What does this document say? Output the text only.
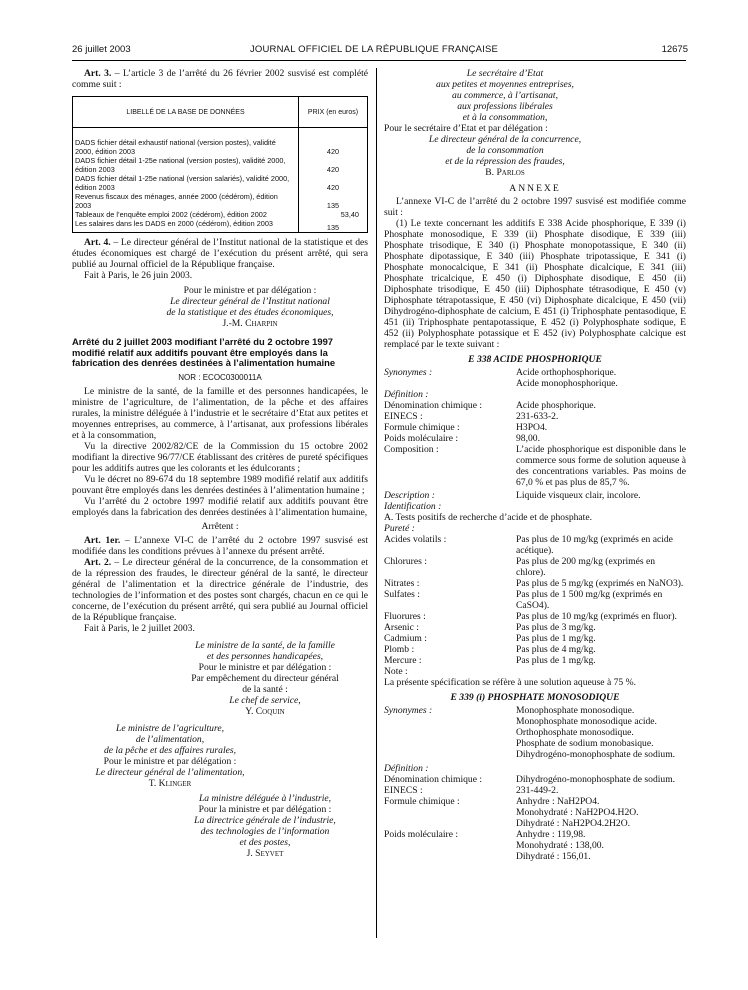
26 juillet 2003	JOURNAL OFFICIEL DE LA RÉPUBLIQUE FRANÇAISE	12675

Art. 3. – L’article 3 de l’arrêté du 26 février 2002 susvisé est complété comme suit :

LIBELLÉ DE LA BASE DE DONNÉES	PRIX (en euros)
DADS fichier détail exhaustif national (version postes), validité 2000, édition 2003	420
DADS fichier détail 1-25e national (version postes), validité 2000, édition 2003	420
DADS fichier détail 1-25e national (version salariés), validité 2000, édition 2003	420
Revenus fiscaux des ménages, année 2000 (cédérom), édition 2003	135
Tableaux de l’enquête emploi 2002 (cédérom), édition 2002	53,40
Les salaires dans les DADS en 2000 (cédérom), édition 2003	135

Art. 4. – Le directeur général de l’Institut national de la statistique et des études économiques est chargé de l’exécution du présent arrêté, qui sera publié au Journal officiel de la République française.

Fait à Paris, le 26 juin 2003.

Pour le ministre et par délégation :

Le directeur général de l’Institut national

de la statistique et des études économiques,

J.-M. Charpin

Arrêté du 2 juillet 2003 modifiant l’arrêté du 2 octobre 1997 modifié relatif aux additifs pouvant être employés dans la fabrication des denrées destinées à l’alimentation humaine

NOR : ECOC0300011A

Le ministre de la santé, de la famille et des personnes handicapées, le ministre de l’agriculture, de l’alimentation, de la pêche et des affaires rurales, la ministre déléguée à l’industrie et le secrétaire d’Etat aux petites et moyennes entreprises, au commerce, à l’artisanat, aux professions libérales et à la consommation,

Vu la directive 2002/82/CE de la Commission du 15 octobre 2002 modifiant la directive 96/77/CE établissant des critères de pureté spécifiques pour les additifs autres que les colorants et les édulcorants ;

Vu le décret no 89-674 du 18 septembre 1989 modifié relatif aux additifs pouvant être employés dans les denrées destinées à l’alimentation humaine ;

Vu l’arrêté du 2 octobre 1997 modifié relatif aux additifs pouvant être employés dans la fabrication des denrées destinées à l’alimentation humaine,

Arrêtent :

Art. 1er. – L’annexe VI-C de l’arrêté du 2 octobre 1997 susvisé est modifiée dans les conditions prévues à l’annexe du présent arrêté.

Art. 2. – Le directeur général de la concurrence, de la consommation et de la répression des fraudes, le directeur général de la santé, le directeur général de l’alimentation et la directrice générale de l’industrie, des technologies de l’information et des postes sont chargés, chacun en ce qui le concerne, de l’exécution du présent arrêté, qui sera publié au Journal officiel de la République française.

Fait à Paris, le 2 juillet 2003.

Le ministre de la santé, de la famille

et des personnes handicapées,

Pour le ministre et par délégation :

Par empêchement du directeur général

de la santé :

Le chef de service,

Y. Coquin

Le ministre de l’agriculture,

de l’alimentation,

de la pêche et des affaires rurales,

Pour le ministre et par délégation :

Le directeur général de l’alimentation,

T. Klinger

La ministre déléguée à l’industrie,

Pour la ministre et par délégation :

La directrice générale de l’industrie,

des technologies de l’information

et des postes,

J. Seyvet

Le secrétaire d’Etat

aux petites et moyennes entreprises,

au commerce, à l’artisanat,

aux professions libérales

et à la consommation,

Pour le secrétaire d’Etat et par délégation :

Le directeur général de la concurrence,

de la consommation

et de la répression des fraudes,

B. Parlos

ANNEXE

L’annexe VI-C de l’arrêté du 2 octobre 1997 susvisé est modifiée comme suit :

(1) Le texte concernant les additifs E 338 Acide phosphorique, E 339 (i) Phosphate monosodique, E 339 (ii) Phosphate disodique, E 339 (iii) Phosphate trisodique, E 340 (i) Phosphate monopotassique, E 340 (ii) Phosphate dipotassique, E 340 (iii) Phosphate tripotassique, E 341 (i) Phosphate monocalcique, E 341 (ii) Phosphate dicalcique, E 341 (iii) Phosphate tricalcique, E 450 (i) Diphosphate disodique, E 450 (ii) Diphosphate trisodique, E 450 (iii) Diphosphate tétrasodique, E 450 (v) Diphosphate tétrapotassique, E 450 (vi) Diphosphate dicalcique, E 450 (vii) Dihydrogéno-diphosphate de calcium, E 451 (i) Triphosphate pentasodique, E 451 (ii) Triphosphate pentapotassique, E 452 (i) Polyphosphate sodique, E 452 (ii) Polyphosphate potassique et E 452 (iv) Polyphosphate calcique est remplacé par le texte suivant :

E 338 ACIDE PHOSPHORIQUE

Synonymes :	Acide orthophosphorique.

Acide monophosphorique.

Définition :

Dénomination chimique :	Acide phosphorique.
EINECS :	231-633-2.
Formule chimique :	H3PO4.
Poids moléculaire :	98,00.
Composition :	L’acide phosphorique est disponible dans le commerce sous forme de solution aqueuse à des concentrations variables. Pas moins de 67,0 % et pas plus de 85,7 %.
Description :	Liquide visqueux clair, incolore.

Identification :

A. Tests positifs de recherche d’acide et de phosphate.

Pureté :

Acides volatils :	Pas plus de 10 mg/kg (exprimés en acide acétique).
Chlorures :	Pas plus de 200 mg/kg (exprimés en chlore).
Nitrates :	Pas plus de 5 mg/kg (exprimés en NaNO3).
Sulfates :	Pas plus de 1 500 mg/kg (exprimés en CaSO4).
Fluorures :	Pas plus de 10 mg/kg (exprimés en fluor).
Arsenic :	Pas plus de 3 mg/kg.
Cadmium :	Pas plus de 1 mg/kg.
Plomb :	Pas plus de 4 mg/kg.
Mercure :	Pas plus de 1 mg/kg.

Note :

La présente spécification se réfère à une solution aqueuse à 75 %.

E 339 (i) PHOSPHATE MONOSODIQUE

Synonymes :	Monophosphate monosodique.

Monophosphate monosodique acide.

Orthophosphate monosodique.

Phosphate de sodium monobasique.

Dihydrogéno-monophosphate de sodium.

Définition :

Dénomination chimique :	Dihydrogéno-monophosphate de sodium.
EINECS :	231-449-2.
Formule chimique :	Anhydre : NaH2PO4.

Monohydraté : NaH2PO4.H2O.

Dihydraté : NaH2PO4.2H2O.

Poids moléculaire :	Anhydre : 119,98.

Monohydraté : 138,00.

Dihydraté : 156,01.
